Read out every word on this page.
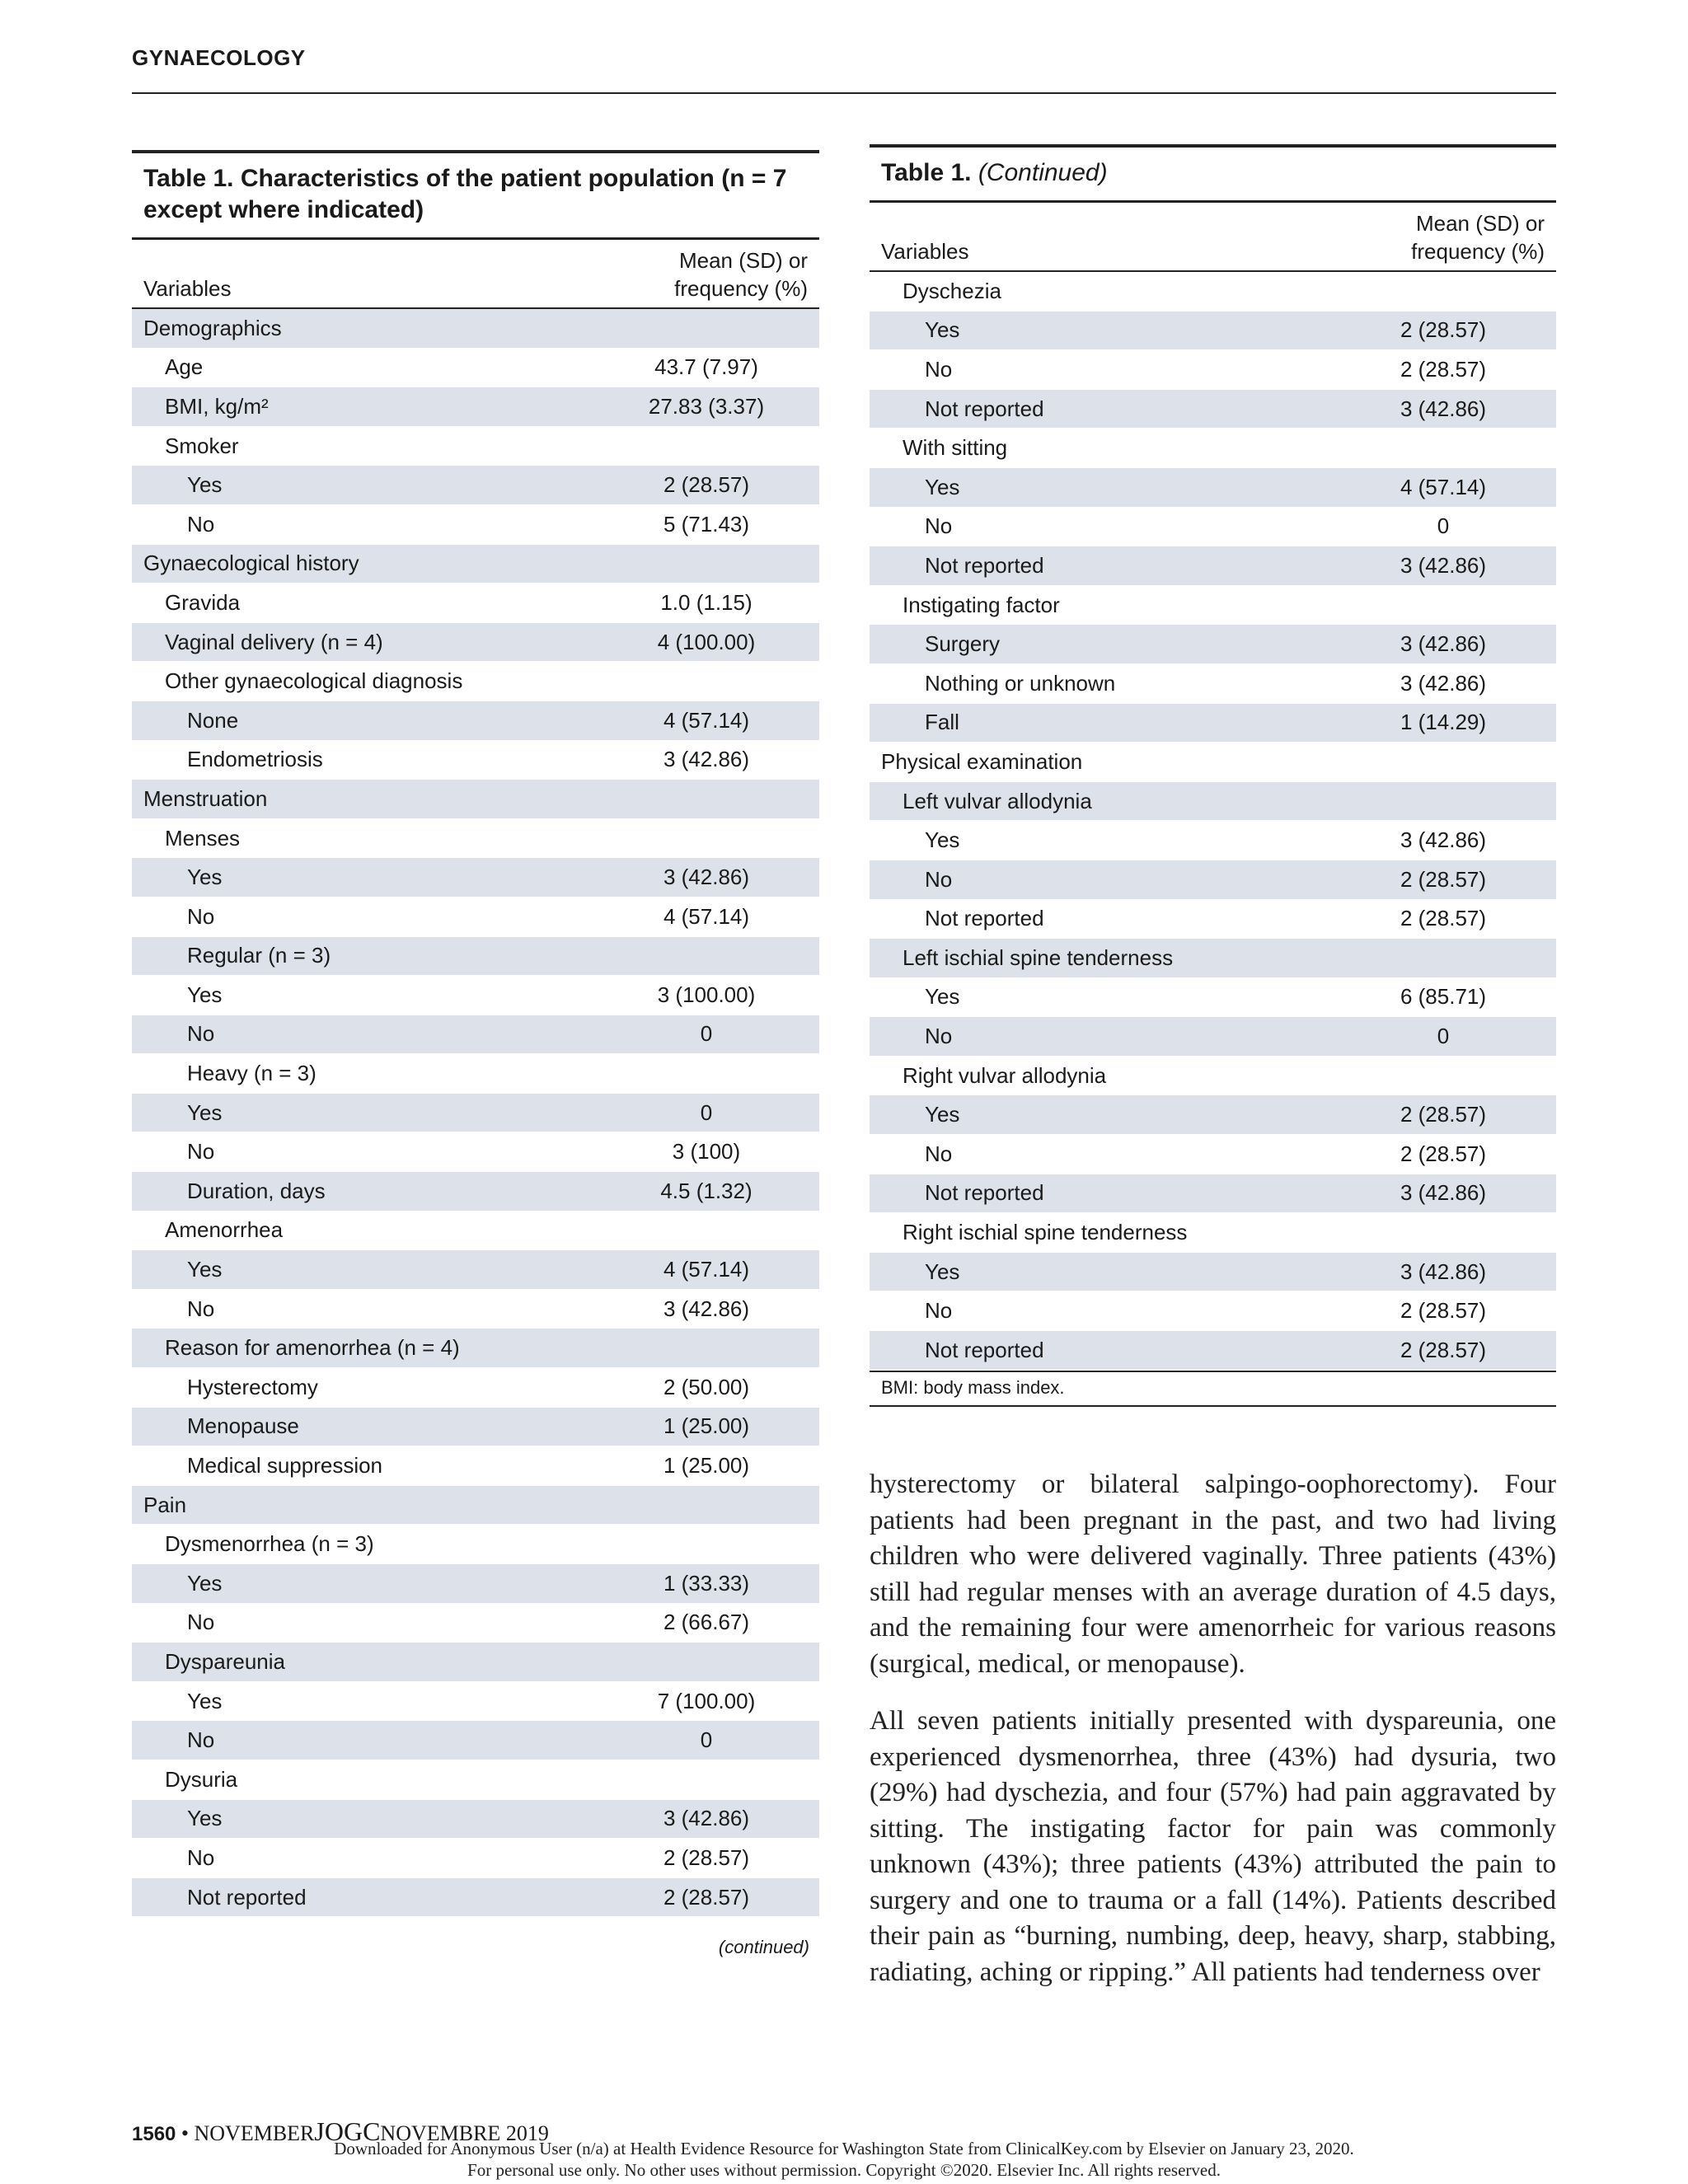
GYNAECOLOGY
Table 1. Characteristics of the patient population (n = 7 except where indicated)
Variables
Mean (SD) or frequency (%)
Demographics
Age	43.7 (7.97)
BMI, kg/m²	27.83 (3.37)
Smoker
Yes	2 (28.57)
No	5 (71.43)
Gynaecological history
Gravida	1.0 (1.15)
Vaginal delivery (n = 4)	4 (100.00)
Other gynaecological diagnosis
None	4 (57.14)
Endometriosis	3 (42.86)
Menstruation
Menses
Yes	3 (42.86)
No	4 (57.14)
Regular (n = 3)
Yes	3 (100.00)
No	0
Heavy (n = 3)
Yes	0
No	3 (100)
Duration, days	4.5 (1.32)
Amenorrhea
Yes	4 (57.14)
No	3 (42.86)
Reason for amenorrhea (n = 4)
Hysterectomy	2 (50.00)
Menopause	1 (25.00)
Medical suppression	1 (25.00)
Pain
Dysmenorrhea (n = 3)
Yes	1 (33.33)
No	2 (66.67)
Dyspareunia
Yes	7 (100.00)
No	0
Dysuria
Yes	3 (42.86)
No	2 (28.57)
Not reported	2 (28.57)
(continued)
Table 1. (Continued)
Variables
Mean (SD) or frequency (%)
Dyschezia
Yes	2 (28.57)
No	2 (28.57)
Not reported	3 (42.86)
With sitting
Yes	4 (57.14)
No	0
Not reported	3 (42.86)
Instigating factor
Surgery	3 (42.86)
Nothing or unknown	3 (42.86)
Fall	1 (14.29)
Physical examination
Left vulvar allodynia
Yes	3 (42.86)
No	2 (28.57)
Not reported	2 (28.57)
Left ischial spine tenderness
Yes	6 (85.71)
No	0
Right vulvar allodynia
Yes	2 (28.57)
No	2 (28.57)
Not reported	3 (42.86)
Right ischial spine tenderness
Yes	3 (42.86)
No	2 (28.57)
Not reported	2 (28.57)
BMI: body mass index.

hysterectomy or bilateral salpingo-oophorectomy). Four patients had been pregnant in the past, and two had living children who were delivered vaginally. Three patients (43%) still had regular menses with an average duration of 4.5 days, and the remaining four were amenorrheic for various reasons (surgical, medical, or menopause).

All seven patients initially presented with dyspareunia, one experienced dysmenorrhea, three (43%) had dysuria, two (29%) had dyschezia, and four (57%) had pain aggravated by sitting. The instigating factor for pain was commonly unknown (43%); three patients (43%) attributed the pain to surgery and one to trauma or a fall (14%). Patients described their pain as “burning, numbing, deep, heavy, sharp, stabbing, radiating, aching or ripping.” All patients had tenderness over

1560 • NOVEMBERJOGCNOVEMBRE 2019
Downloaded for Anonymous User (n/a) at Health Evidence Resource for Washington State from ClinicalKey.com by Elsevier on January 23, 2020.
For personal use only. No other uses without permission. Copyright ©2020. Elsevier Inc. All rights reserved.
